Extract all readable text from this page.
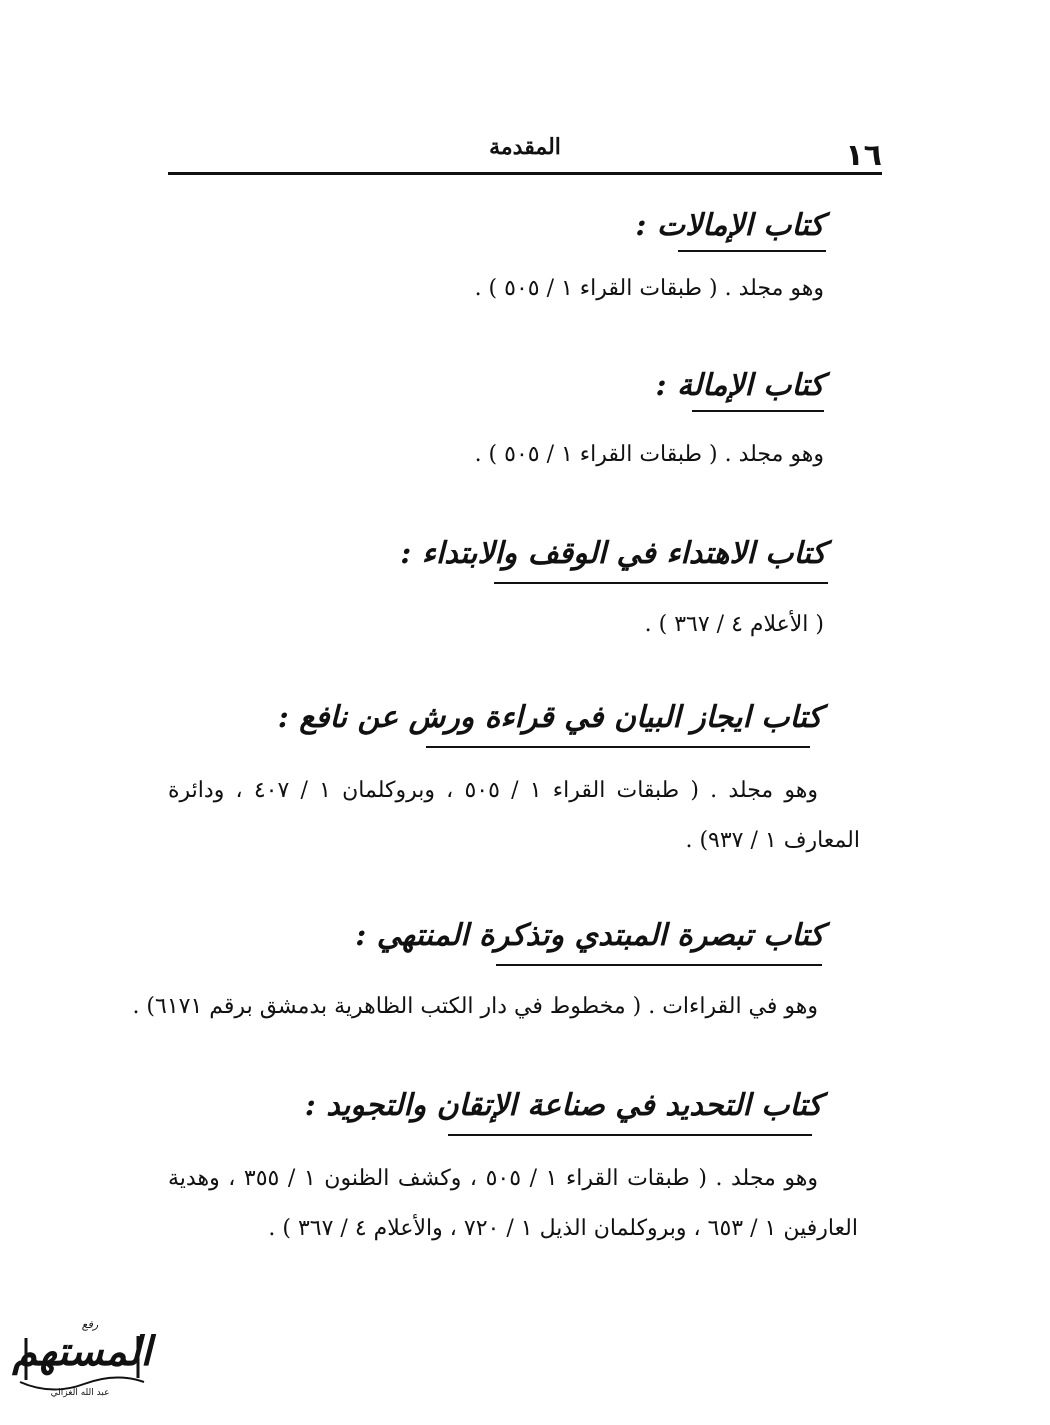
١٦
المقدمة
كتاب الإمالات :
وهو مجلد . ( طبقات القراء ١ / ٥٠٥ ) .
كتاب الإمالة :
وهو مجلد . ( طبقات القراء ١ / ٥٠٥ ) .
كتاب الاهتداء في الوقف والابتداء :
( الأعلام ٤ / ٣٦٧ ) .
كتاب ايجاز البيان في قراءة ورش عن نافع :
وهو مجلد . ( طبقات القراء ١ / ٥٠٥ ، وبروكلمان ١ / ٤٠٧ ، ودائرة
المعارف ١ / ٩٣٧) .
كتاب تبصرة المبتدي وتذكرة المنتهي :
وهو في القراءات . ( مخطوط في دار الكتب الظاهرية بدمشق برقم ٦١٧١) .
كتاب التحديد في صناعة الإتقان والتجويد :
وهو مجلد . ( طبقات القراء ١ / ٥٠٥ ، وكشف الظنون ١ / ٣٥٥ ، وهدية
العارفين ١ / ٦٥٣ ، وبروكلمان الذيل ١ / ٧٢٠ ، والأعلام ٤ / ٣٦٧ ) .
رفع
المستهم
عبد الله الغزالي
